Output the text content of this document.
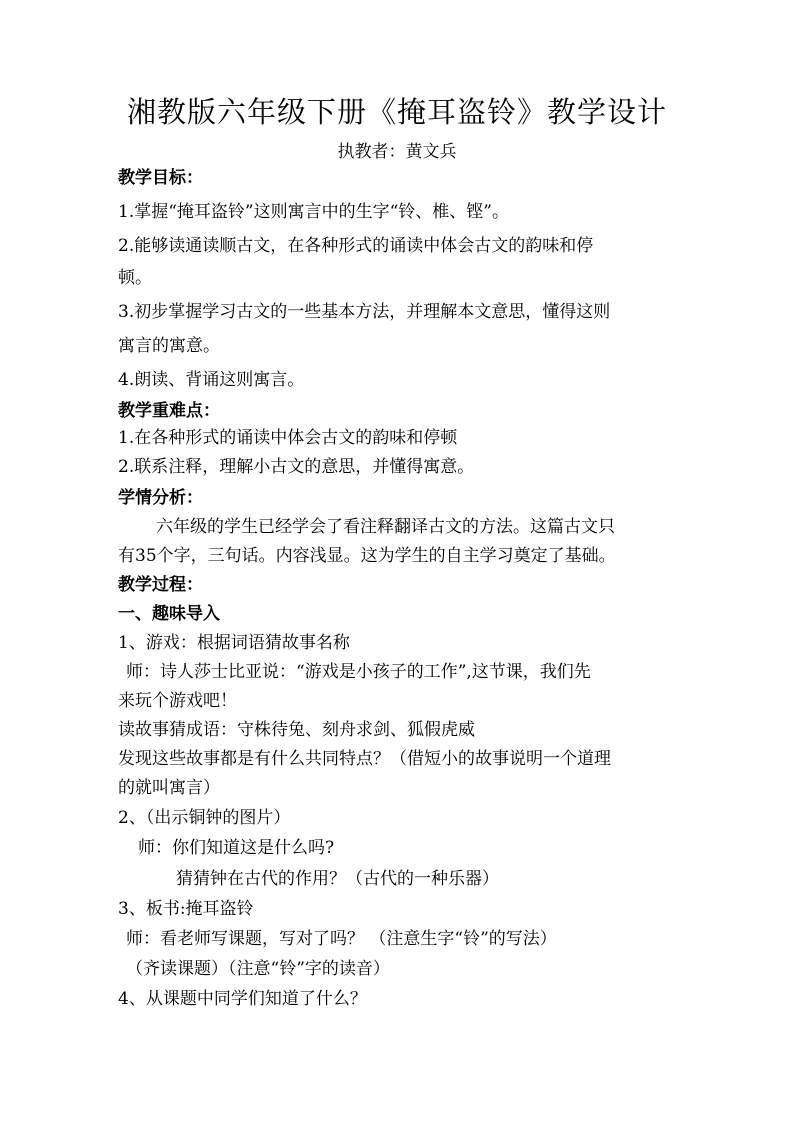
湘教版六年级下册《掩耳盗铃》教学设计
执教者：黄文兵
教学目标：
1.掌握“掩耳盗铃”这则寓言中的生字“铃、椎、铿”。
2.能够读通读顺古文，在各种形式的诵读中体会古文的韵味和停
顿。
3.初步掌握学习古文的一些基本方法，并理解本文意思，懂得这则
寓言的寓意。
4.朗读、背诵这则寓言。
教学重难点：
1.在各种形式的诵读中体会古文的韵味和停顿
2.联系注释，理解小古文的意思，并懂得寓意。
学情分析：
六年级的学生已经学会了看注释翻译古文的方法。这篇古文只
有35个字，三句话。内容浅显。这为学生的自主学习奠定了基础。
教学过程：
一、趣味导入
1、游戏：根据词语猜故事名称
师：诗人莎士比亚说：“游戏是小孩子的工作”,这节课，我们先
来玩个游戏吧！
读故事猜成语：守株待兔、刻舟求剑、狐假虎威
发现这些故事都是有什么共同特点？（借短小的故事说明一个道理
的就叫寓言）
2、（出示铜钟的图片）
师：你们知道这是什么吗?
猜猜钟在古代的作用？（古代的一种乐器）
3、板书:掩耳盗铃
师：看老师写课题，写对了吗？ （注意生字“铃”的写法）
（齐读课题）（注意“铃”字的读音）
4、从课题中同学们知道了什么？
